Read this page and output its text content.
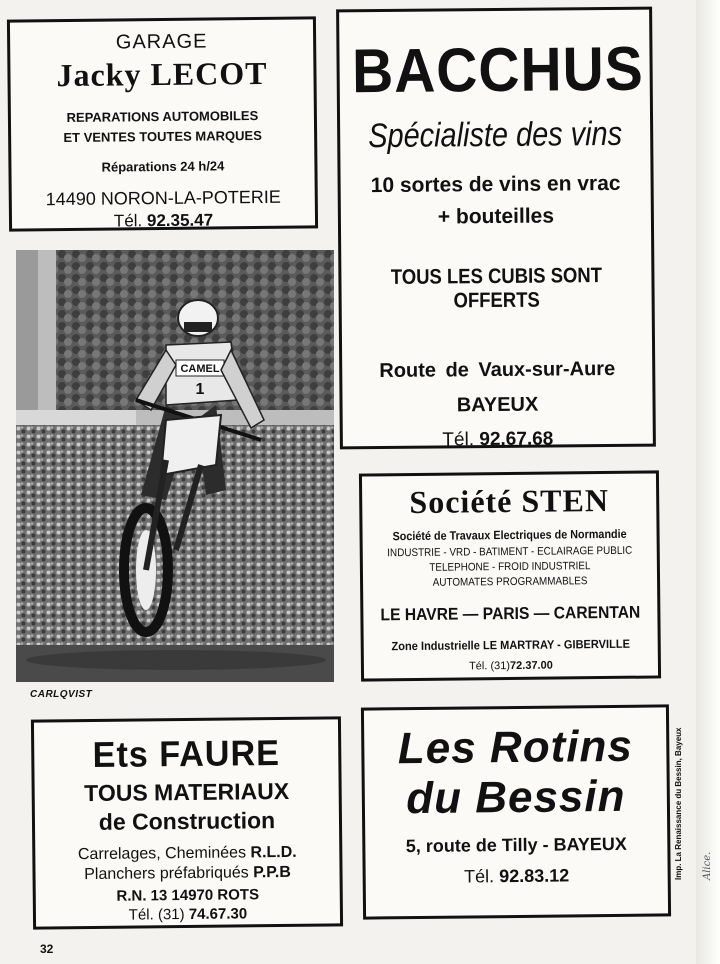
GARAGE
Jacky LECOT
REPARATIONS AUTOMOBILES
ET VENTES TOUTES MARQUES
Réparations 24 h/24
14490 NORON-LA-POTERIE
Tél. 92.35.47
BACCHUS
Spécialiste des vins
10 sortes de vins en vrac
+ bouteilles
TOUS LES CUBIS SONT OFFERTS
Route de Vaux-sur-Aure
BAYEUX
Tél. 92.67.68
CAMEL
1
CARLQVIST
Société STEN
Société de Travaux Electriques de Normandie
INDUSTRIE - VRD - BATIMENT - ECLAIRAGE PUBLIC
TELEPHONE - FROID INDUSTRIEL
AUTOMATES PROGRAMMABLES
LE HAVRE — PARIS — CARENTAN
Zone Industrielle LE MARTRAY - GIBERVILLE
Tél. (31)72.37.00
Ets FAURE
TOUS MATERIAUX
de Construction
Carrelages, Cheminées R.L.D.
Planchers préfabriqués P.P.B
R.N. 13 14970 ROTS
Tél. (31) 74.67.30
Les Rotins
du Bessin
5, route de Tilly - BAYEUX
Tél. 92.83.12	Imp. La Renaissance du Bessin, Bayeux Alice.
32
